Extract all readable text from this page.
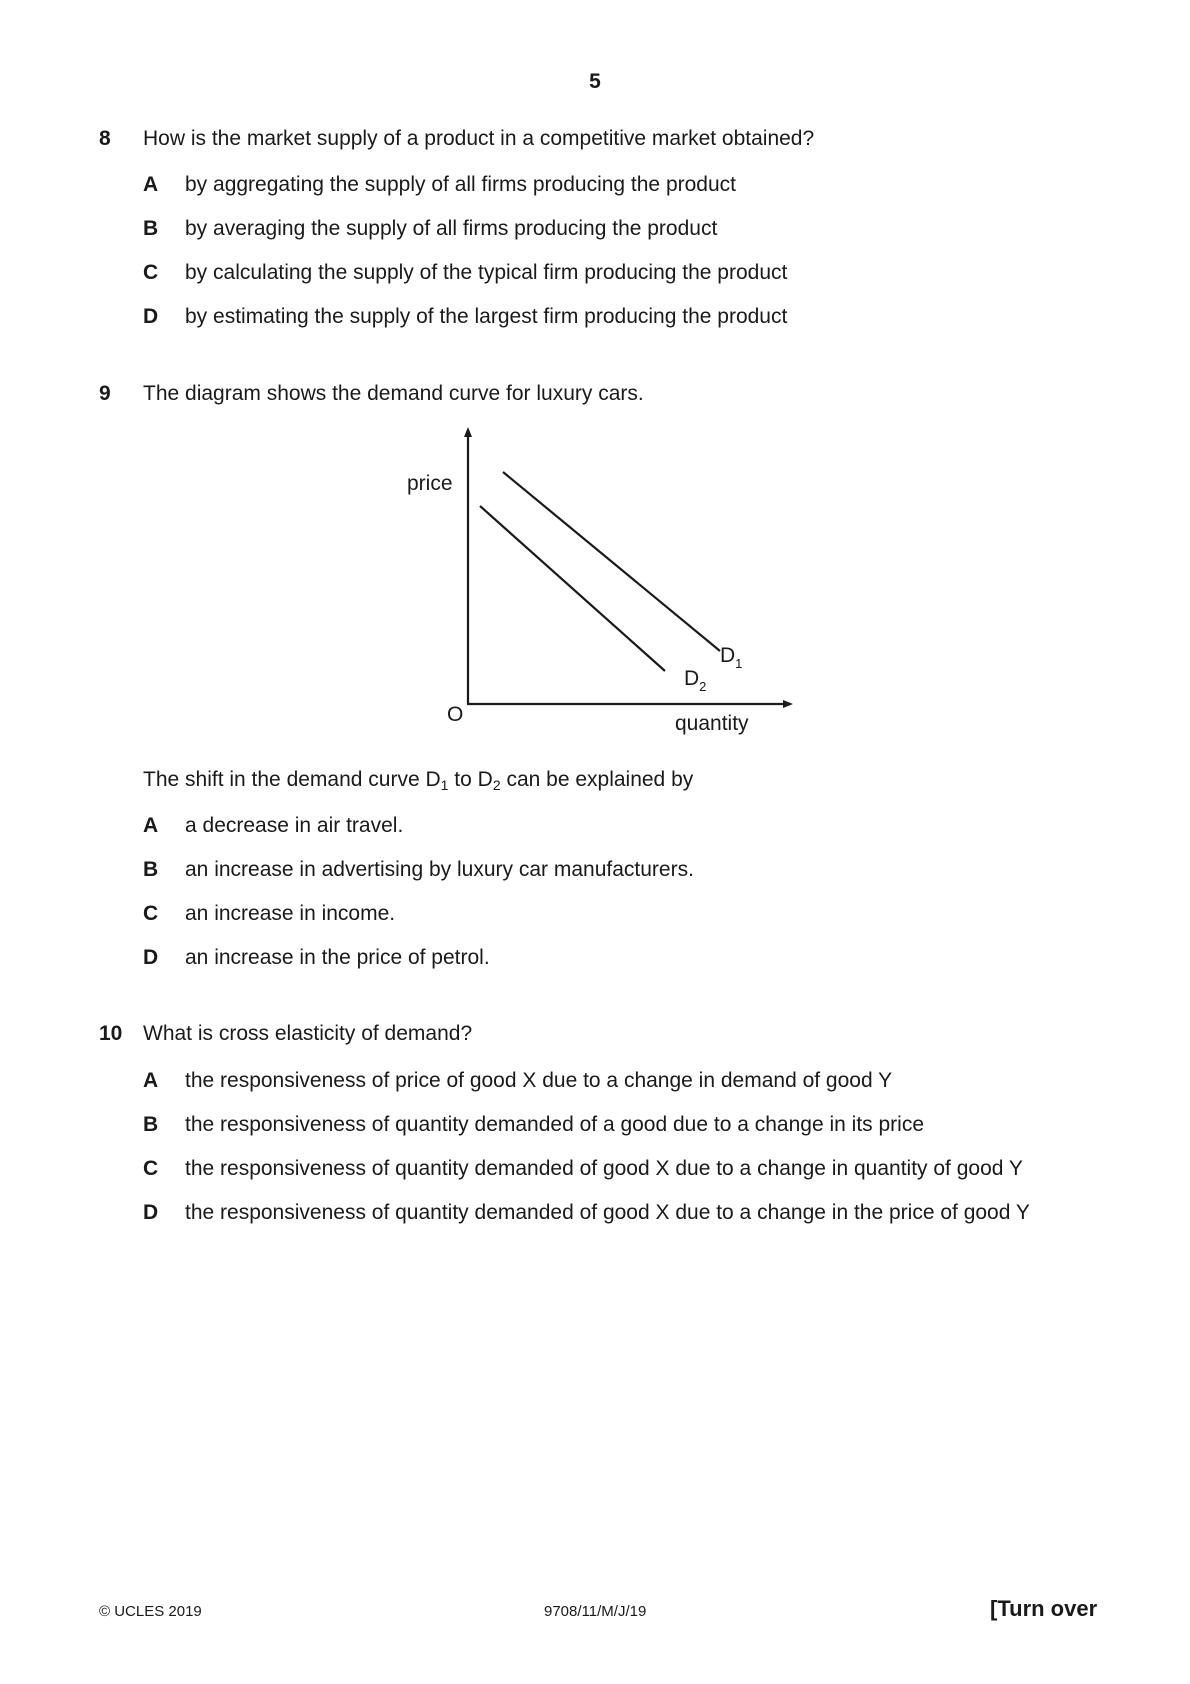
5
8 How is the market supply of a product in a competitive market obtained?
A by aggregating the supply of all firms producing the product
B by averaging the supply of all firms producing the product
C by calculating the supply of the typical firm producing the product
D by estimating the supply of the largest firm producing the product
9 The diagram shows the demand curve for luxury cars.
price
quantity
O
$D_1$
$D_2$
The shift in the demand curve $D_1$ to $D_2$ can be explained by
A a decrease in air travel.
B an increase in advertising by luxury car manufacturers.
C an increase in income.
D an increase in the price of petrol.
10 What is cross elasticity of demand?
A the responsiveness of price of good X due to a change in demand of good Y
B the responsiveness of quantity demanded of a good due to a change in its price
C the responsiveness of quantity demanded of good X due to a change in quantity of good Y
D the responsiveness of quantity demanded of good X due to a change in the price of good Y
© UCLES 2019	9708/11/M/J/19	[Turn over
